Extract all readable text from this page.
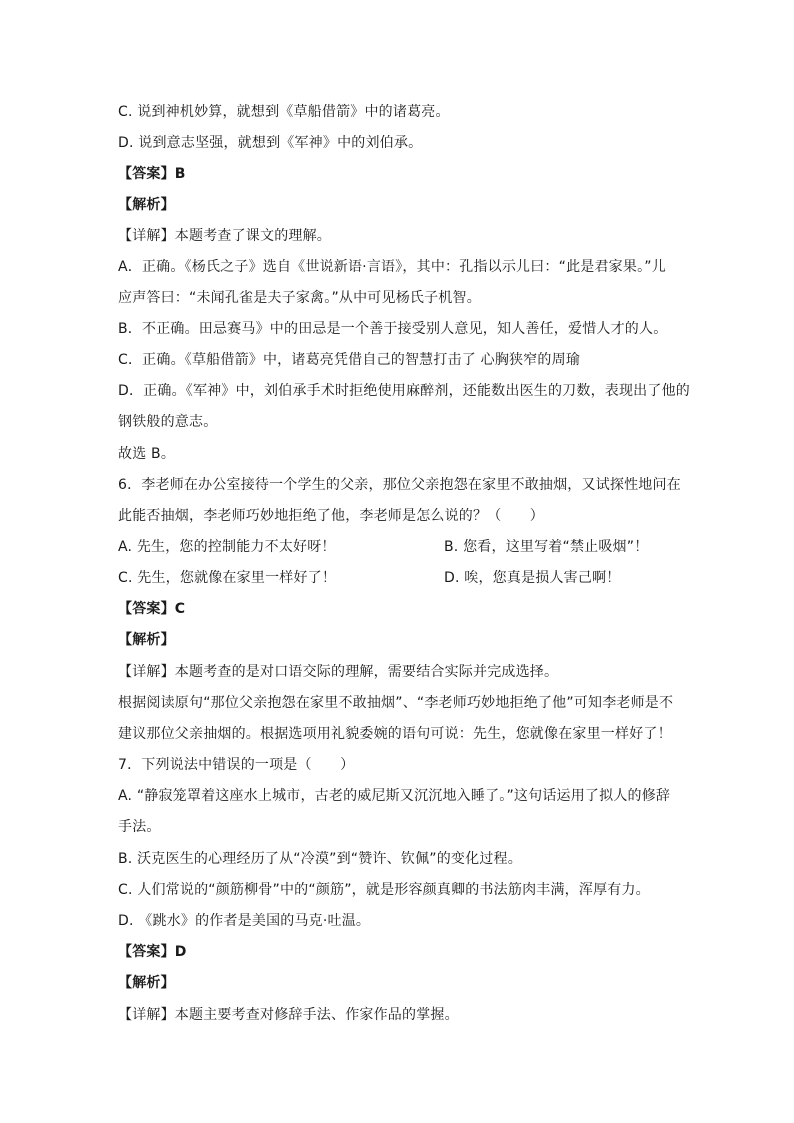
C. 说到神机妙算，就想到《草船借箭》中的诸葛亮。
D. 说到意志坚强，就想到《军神》中的刘伯承。
【答案】B
【解析】
【详解】本题考查了课文的理解。
A．正确。《杨氏之子》选自《世说新语·言语》，其中：孔指以示儿曰：“此是君家果。”儿
应声答曰：“未闻孔雀是夫子家禽。”从中可见杨氏子机智。
B．不正确。田忌赛马》中的田忌是一个善于接受别人意见，知人善任，爱惜人才的人。
C．正确。《草船借箭》中，诸葛亮凭借自己的智慧打击了 心胸狭窄的周瑜
D．正确。《军神》中，刘伯承手术时拒绝使用麻醉剂，还能数出医生的刀数，表现出了他的
钢铁般的意志。
故选 B。
6．李老师在办公室接待一个学生的父亲，那位父亲抱怨在家里不敢抽烟，又试探性地问在
此能否抽烟，李老师巧妙地拒绝了他，李老师是怎么说的？（　　）
A. 先生，您的控制能力不太好呀！	B. 您看，这里写着“禁止吸烟”！
C. 先生，您就像在家里一样好了！	D. 唉，您真是损人害己啊！
【答案】C
【解析】
【详解】本题考查的是对口语交际的理解，需要结合实际并完成选择。
根据阅读原句“那位父亲抱怨在家里不敢抽烟”、“李老师巧妙地拒绝了他”可知李老师是不
建议那位父亲抽烟的。根据选项用礼貌委婉的语句可说：先生，您就像在家里一样好了！
7．下列说法中错误的一项是（　　）
A. “静寂笼罩着这座水上城市，古老的威尼斯又沉沉地入睡了。”这句话运用了拟人的修辞
手法。
B. 沃克医生的心理经历了从“冷漠”到“赞许、钦佩”的变化过程。
C. 人们常说的“颜筋柳骨”中的“颜筋”，就是形容颜真卿的书法筋肉丰满，浑厚有力。
D. 《跳水》的作者是美国的马克·吐温。
【答案】D
【解析】
【详解】本题主要考查对修辞手法、作家作品的掌握。
